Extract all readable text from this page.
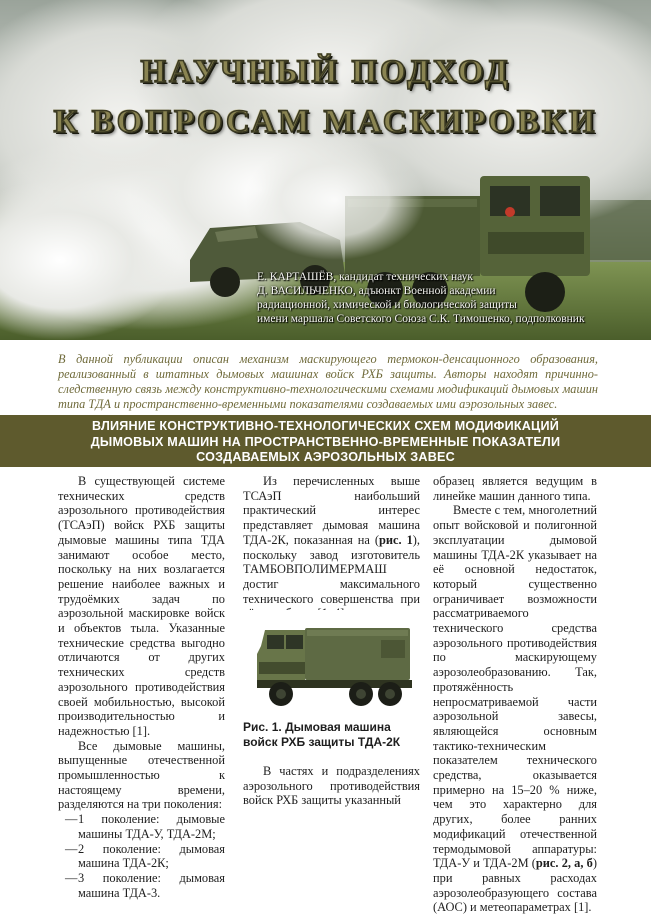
НАУЧНЫЙ ПОДХОД
К ВОПРОСАМ МАСКИРОВКИ
Е. КАРТАШЁВ, кандидат технических наук
Д. ВАСИЛЬЧЕНКО, адъюнкт Военной академии
радиационной, химической и биологической защиты
имени маршала Советского Союза С.К. Тимошенко, подполковник
В данной публикации описан механизм маскирующего термокон-денсационного образования, реализованный в штатных дымовых машинах войск РХБ защиты. Авторы находят причинно-следственную связь между конструктивно-технологическими схемами модификаций дымовых машин типа ТДА и пространственно-временными показателями создаваемых ими аэрозольных завес.
ВЛИЯНИЕ КОНСТРУКТИВНО-ТЕХНОЛОГИЧЕСКИХ СХЕМ МОДИФИКАЦИЙ ДЫМОВЫХ МАШИН НА ПРОСТРАНСТВЕННО-ВРЕМЕННЫЕ ПОКАЗАТЕЛИ СОЗДАВАЕМЫХ АЭРОЗОЛЬНЫХ ЗАВЕС

В существующей системе технических средств аэрозольного противодействия (ТСАэП) войск РХБ защиты дымовые машины типа ТДА занимают особое место, поскольку на них возлагается решение наиболее важных и трудоёмких задач по аэрозольной маскировке войск и объектов тыла. Указанные технические средства выгодно отличаются от других технических средств аэрозольного противодействия своей мобильностью, высокой производительностью и надежностью [1].

Все дымовые машины, выпущенные отечественной промышленностью к настоящему времени, разделяются на три поколения:

— 1 поколение: дымовые машины ТДА-У, ТДА-2М;
— 2 поколение: дымовая машина ТДА-2К;
— 3 поколение: дымовая машина ТДА-3.

Из перечисленных выше ТСАэП наибольший практический интерес представляет дымовая машина ТДА-2К, показанная на (рис. 1), поскольку завод изготовитель ТАМБОВПОЛИМЕРМАШ достиг максимального технического совершенства при

Рис. 1. Дымовая машина войск РХБ защиты ТДА-2К

В частях и подразделениях аэрозольного противодействия войск РХБ защиты указанный

образец является ведущим в линейке машин данного типа.

Вместе с тем, многолетний опыт войсковой и полигонной эксплуатации дымовой машины ТДА-2К указывает на её основной недостаток, который существенно ограничивает возможности рассматриваемого технического средства аэрозольного противодействия по маскирующему аэрозолеобразованию. Так, протяжённость непросматриваемой части аэрозольной завесы, являющейся основным тактико-техническим показателем технического средства, оказывается примерно на 15–20 % ниже, чем это характерно для других, более ранних модификаций отечественной термодымовой аппаратуры: ТДА-У и ТДА-2М (рис. 2, а, б) при равных расходах аэрозолеобразующего состава (АОС) и метеопараметрах [1].
